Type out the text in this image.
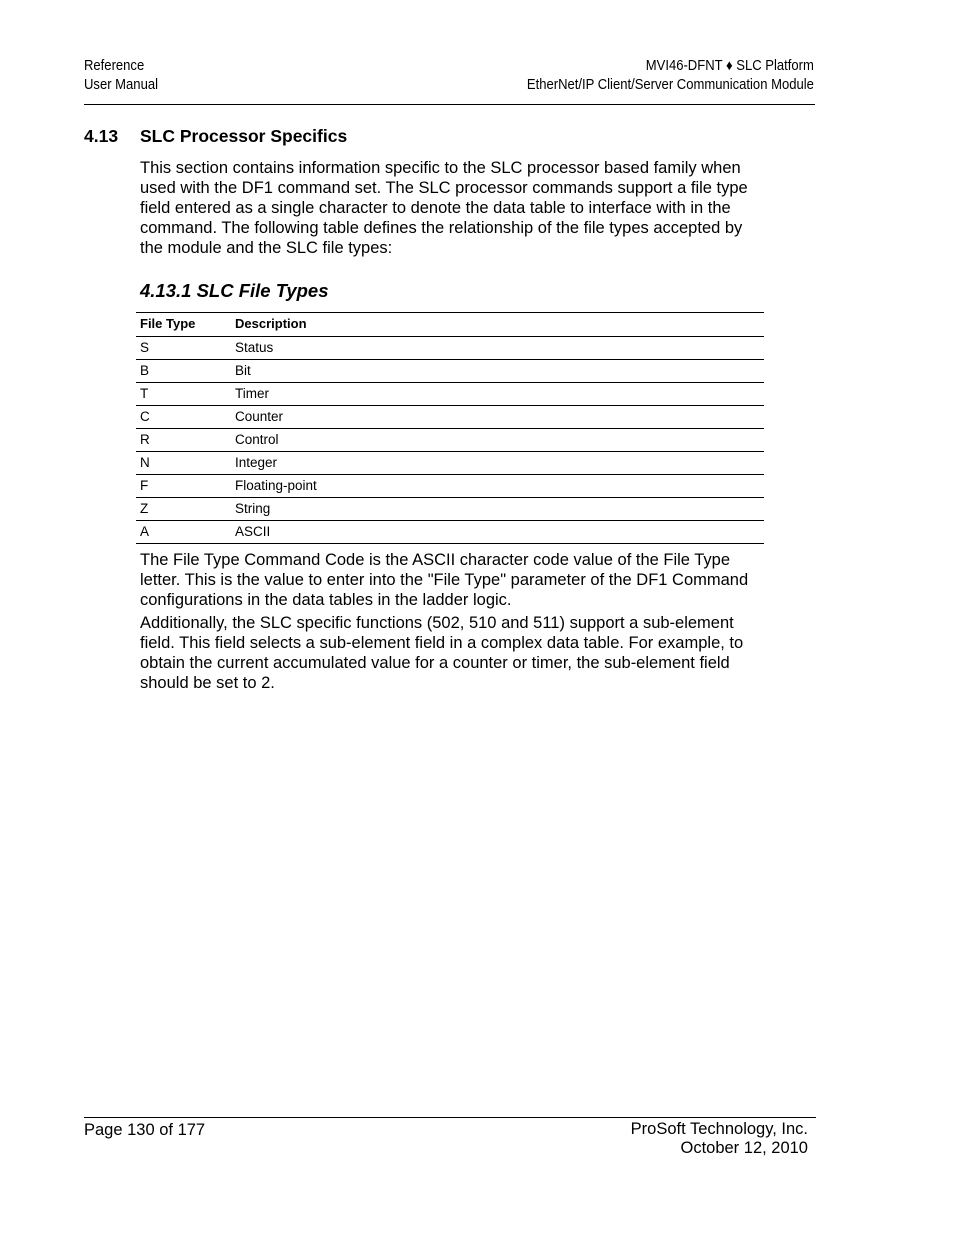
Reference
User Manual
MVI46-DFNT ♦ SLC Platform
EtherNet/IP Client/Server Communication Module
4.13 SLC Processor Specifics
This section contains information specific to the SLC processor based family when used with the DF1 command set. The SLC processor commands support a file type field entered as a single character to denote the data table to interface with in the command. The following table defines the relationship of the file types accepted by the module and the SLC file types:
4.13.1 SLC File Types
File Type	Description
S	Status
B	Bit
T	Timer
C	Counter
R	Control
N	Integer
F	Floating-point
Z	String
A	ASCII
The File Type Command Code is the ASCII character code value of the File Type letter. This is the value to enter into the "File Type" parameter of the DF1 Command configurations in the data tables in the ladder logic.
Additionally, the SLC specific functions (502, 510 and 511) support a sub-element field. This field selects a sub-element field in a complex data table. For example, to obtain the current accumulated value for a counter or timer, the sub-element field should be set to 2.
Page 130 of 177	ProSoft Technology, Inc.
October 12, 2010
